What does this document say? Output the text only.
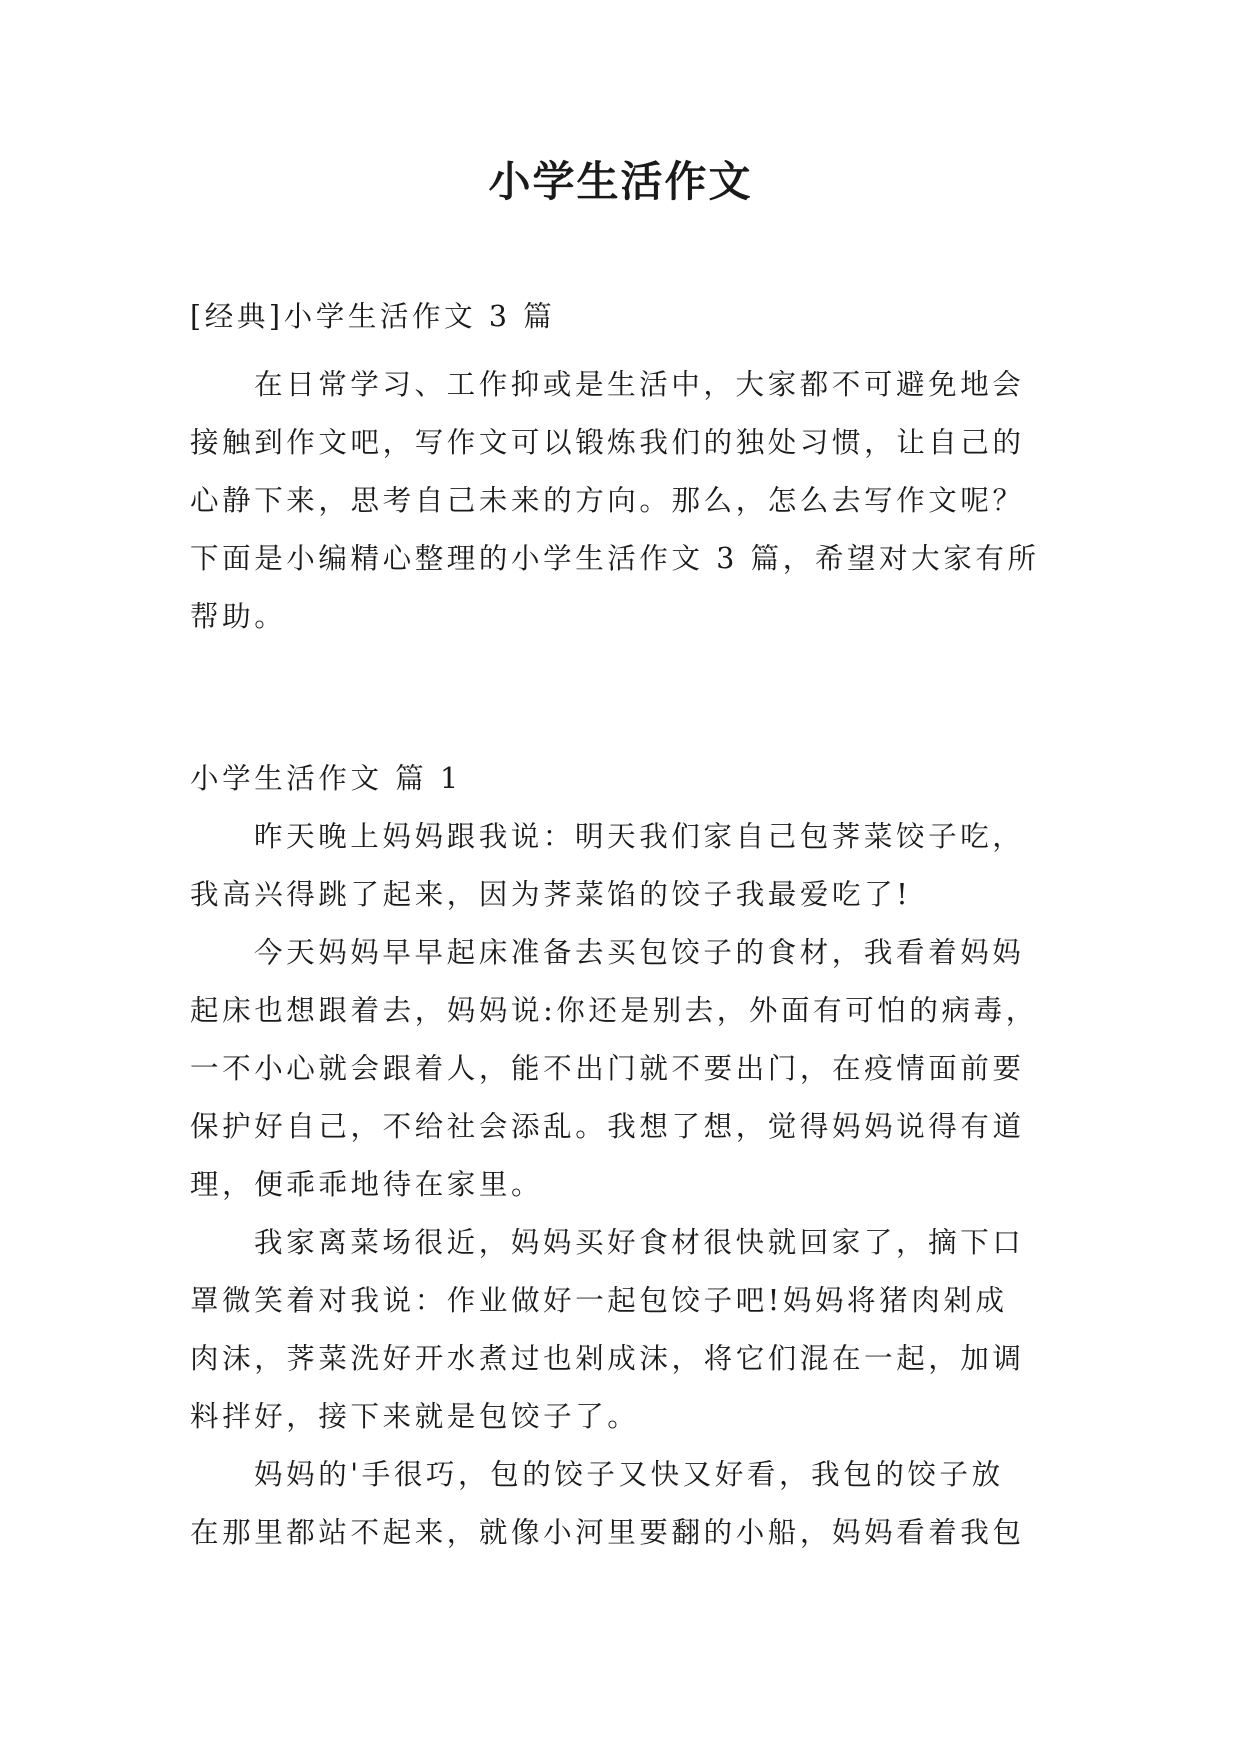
小学生活作文
[经典]小学生活作文 3 篇
在日常学习、工作抑或是生活中，大家都不可避免地会
接触到作文吧，写作文可以锻炼我们的独处习惯，让自己的
心静下来，思考自己未来的方向。那么，怎么去写作文呢？
下面是小编精心整理的小学生活作文 3 篇，希望对大家有所
帮助。
小学生活作文 篇 1
昨天晚上妈妈跟我说：明天我们家自己包荠菜饺子吃，
我高兴得跳了起来，因为荠菜馅的饺子我最爱吃了!
今天妈妈早早起床准备去买包饺子的食材，我看着妈妈
起床也想跟着去，妈妈说:你还是别去，外面有可怕的病毒，
一不小心就会跟着人，能不出门就不要出门，在疫情面前要
保护好自己，不给社会添乱。我想了想，觉得妈妈说得有道
理，便乖乖地待在家里。
我家离菜场很近，妈妈买好食材很快就回家了，摘下口
罩微笑着对我说：作业做好一起包饺子吧!妈妈将猪肉剁成
肉沫，荠菜洗好开水煮过也剁成沫，将它们混在一起，加调
料拌好，接下来就是包饺子了。
妈妈的'手很巧，包的饺子又快又好看，我包的饺子放
在那里都站不起来，就像小河里要翻的小船，妈妈看着我包
